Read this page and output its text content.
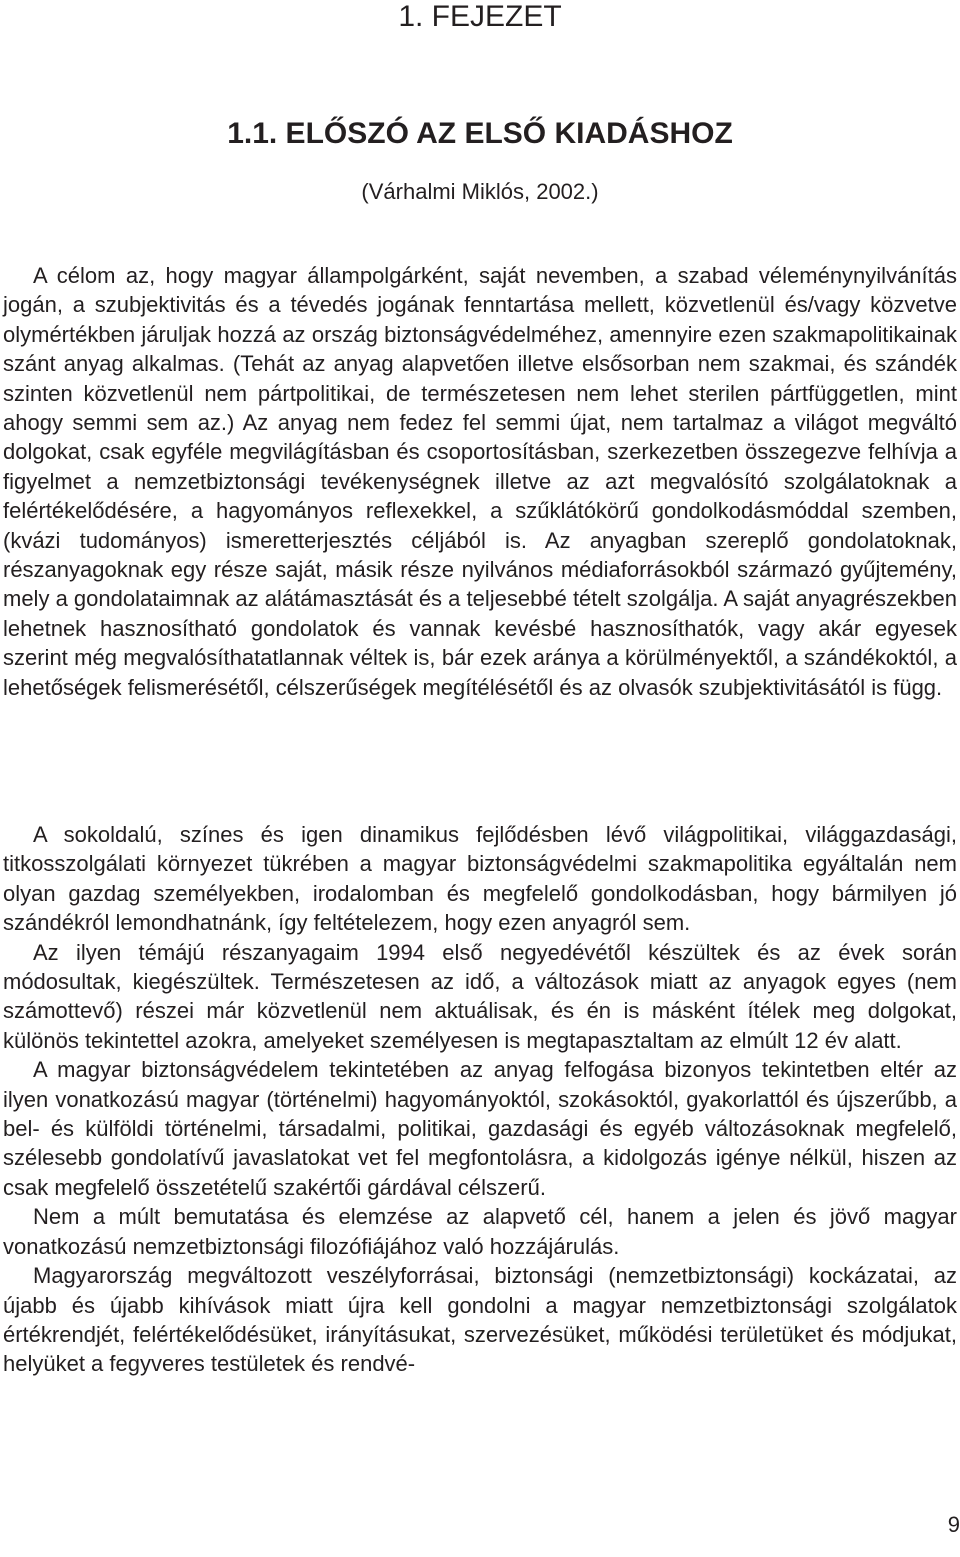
1. FEJEZET
1.1. ELŐSZÓ AZ ELSŐ KIADÁSHOZ
(Várhalmi Miklós, 2002.)

A célom az, hogy magyar állampolgárként, saját nevemben, a szabad véleménynyilvánítás jogán, a szubjektivitás és a tévedés jogának fenntartása mellett, közvetlenül és/vagy közvetve olymértékben járuljak hozzá az ország biztonságvédelméhez, amennyire ezen szakmapolitikainak szánt anyag alkalmas. (Tehát az anyag alapvetően illetve elsősorban nem szakmai, és szándék szinten közvetlenül nem pártpolitikai, de természetesen nem lehet sterilen pártfüggetlen, mint ahogy semmi sem az.) Az anyag nem fedez fel semmi újat, nem tartalmaz a világot megváltó dolgokat, csak egyféle megvilágításban és csoportosításban, szerkezetben összegezve felhívja a figyelmet a nemzetbiztonsági tevékenységnek illetve az azt megvalósító szolgálatoknak a felértékelődésére, a hagyományos reflexekkel, a szűklátókörű gondolkodásmóddal szemben, (kvázi tudományos) ismeretterjesztés céljából is. Az anyagban szereplő gondolatoknak, részanyagoknak egy része saját, másik része nyilvános médiaforrásokból származó gyűjtemény, mely a gondolataimnak az alátámasztását és a teljesebbé tételt szolgálja. A saját anyagrészekben lehetnek hasznosítható gondolatok és vannak kevésbé hasznosíthatók, vagy akár egyesek szerint még megvalósíthatatlannak véltek is, bár ezek aránya a körülményektől, a szándékoktól, a lehetőségek felismerésétől, célszerűségek megítélésétől és az olvasók szubjektivitásától is függ.

A sokoldalú, színes és igen dinamikus fejlődésben lévő világpolitikai, világgazdasági, titkosszolgálati környezet tükrében a magyar biztonságvédelmi szakmapolitika egyáltalán nem olyan gazdag személyekben, irodalomban és megfelelő gondolkodásban, hogy bármilyen jó szándékról lemondhatnánk, így feltételezem, hogy ezen anyagról sem.

Az ilyen témájú részanyagaim 1994 első negyedévétől készültek és az évek során módosultak, kiegészültek. Természetesen az idő, a változások miatt az anyagok egyes (nem számottevő) részei már közvetlenül nem aktuálisak, és én is másként ítélek meg dolgokat, különös tekintettel azokra, amelyeket személyesen is megtapasztaltam az elmúlt 12 év alatt.

A magyar biztonságvédelem tekintetében az anyag felfogása bizonyos tekintetben eltér az ilyen vonatkozású magyar (történelmi) hagyományoktól, szokásoktól, gyakorlattól és újszerűbb, a bel- és külföldi történelmi, társadalmi, politikai, gazdasági és egyéb változásoknak megfelelő, szélesebb gondolatívű javaslatokat vet fel megfontolásra, a kidolgozás igénye nélkül, hiszen az csak megfelelő összetételű szakértői gárdával célszerű.

Nem a múlt bemutatása és elemzése az alapvető cél, hanem a jelen és jövő magyar vonatkozású nemzetbiztonsági filozófiájához való hozzájárulás.

Magyarország megváltozott veszélyforrásai, biztonsági (nemzetbiztonsági) kockázatai, az újabb és újabb kihívások miatt újra kell gondolni a magyar nemzetbiztonsági szolgálatok értékrendjét, felértékelődésüket, irányításukat, szervezésüket, működési területüket és módjukat, helyüket a fegyveres testületek és rendvé-

9
